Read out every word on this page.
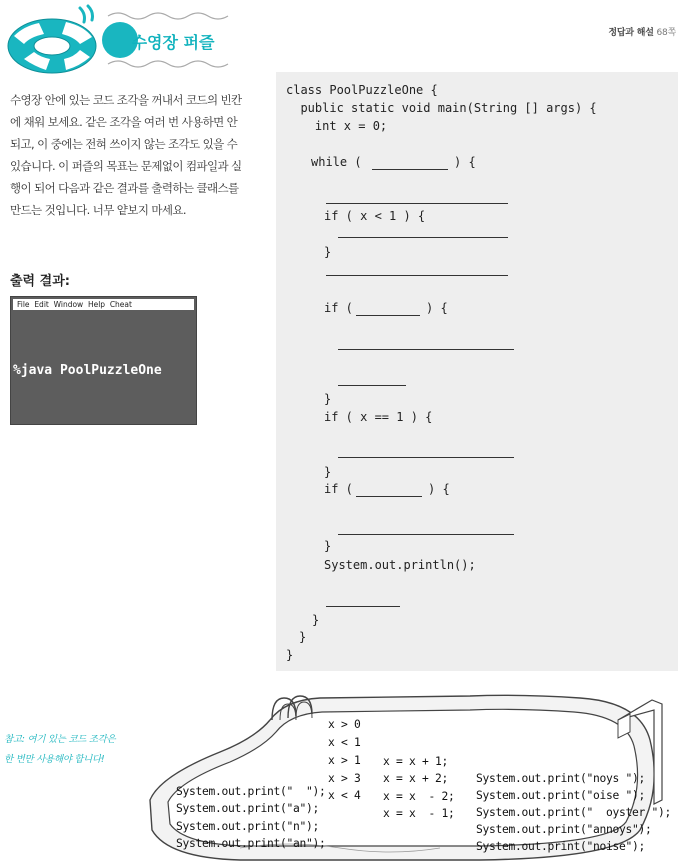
수영장 퍼즐	정답과 해설 68쪽
수영장 안에 있는 코드 조각을 꺼내서 코드의 빈칸에 채워 보세요. 같은 조각을 여러 번 사용하면 안 되고, 이 중에는 전혀 쓰이지 않는 조각도 있을 수 있습니다. 이 퍼즐의 목표는 문제없이 컴파일과 실행이 되어 다음과 같은 결과를 출력하는 클래스를 만드는 것입니다. 너무 얕보지 마세요.
출력 결과:
File  Edit  Window  Help  Cheat

%java PoolPuzzleOne

a noise

annoys

an oyster

class PoolPuzzleOne {
public static void main(String [] args) {
int x = 0;
while (	) {
if ( x < 1 ) {
}
if (	) {
}
if ( x == 1 ) {
}
if (	) {
}
System.out.println();
}
}
}
참고: 여기 있는 코드 조각은
한 번만 사용해야 합니다!
x > 0
x < 1
x > 1
x > 3
x < 4
x = x + 1;
x = x + 2;
x = x  - 2;
x = x  - 1;
System.out.print("  ");
System.out.print("a");
System.out.print("n");
System.out.print("an");
System.out.print("noys ");
System.out.print("oise ");
System.out.print("  oyster ");
System.out.print("annoys");
System.out.print("noise");
